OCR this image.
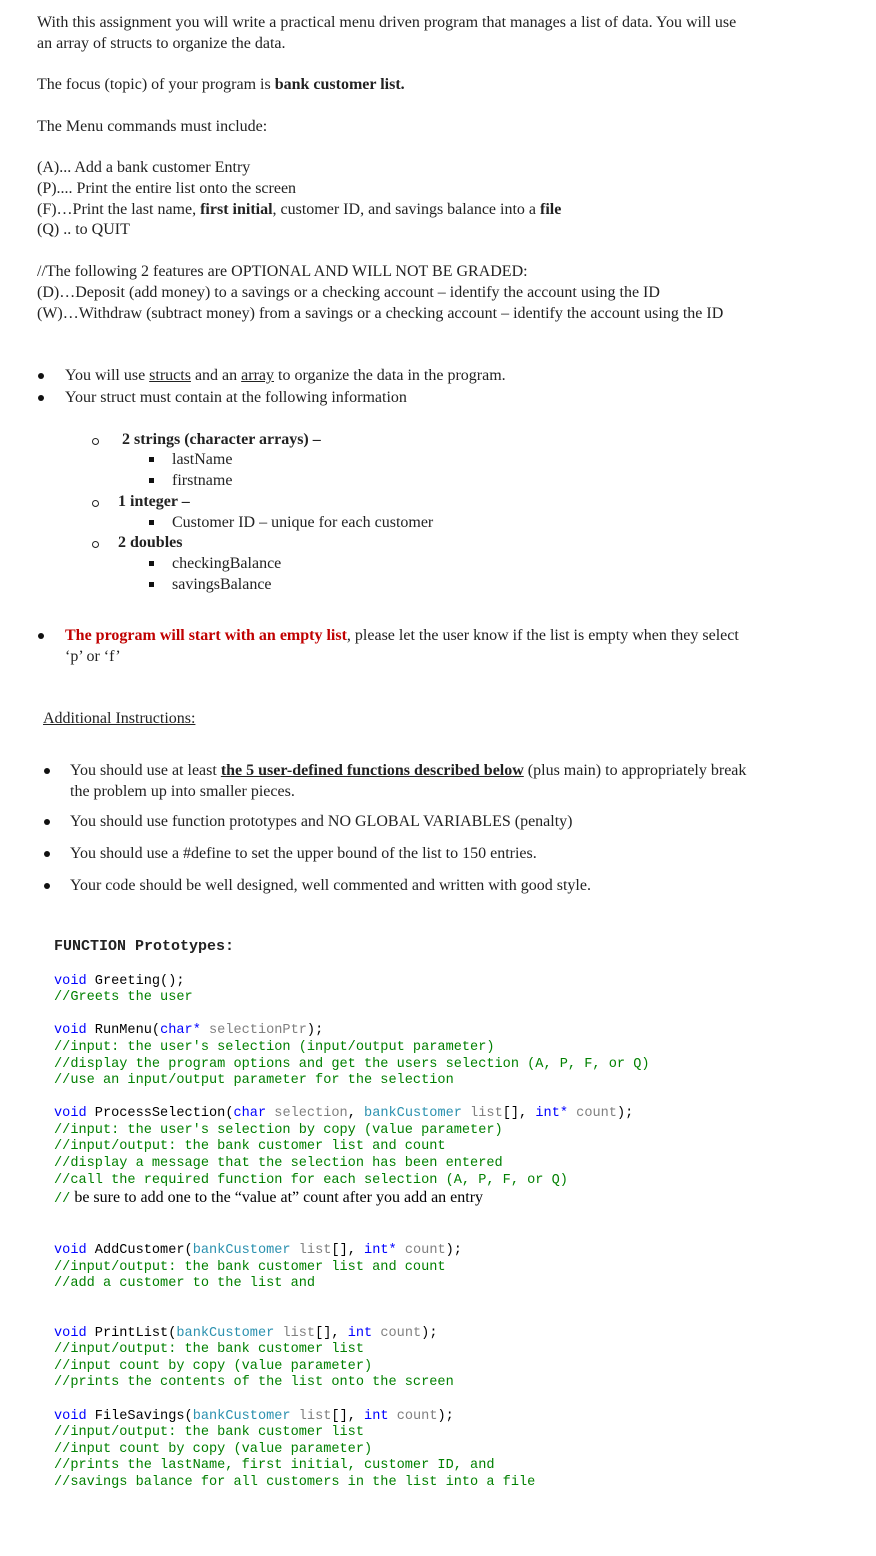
With this assignment you will write a practical menu driven program that manages a list of data. You will use
an array of structs to organize the data.
The focus (topic) of your program is bank customer list.
The Menu commands must include:
(A)... Add a bank customer Entry
(P).... Print the entire list onto the screen
(F)…Print the last name, first initial, customer ID, and savings balance into a file
(Q) .. to QUIT
//The following 2 features are OPTIONAL AND WILL NOT BE GRADED:
(D)…Deposit (add money) to a savings or a checking account – identify the account using the ID
(W)…Withdraw (subtract money) from a savings or a checking account – identify the account using the ID
You will use structs and an array to organize the data in the program.
Your struct must contain at the following information
2 strings (character arrays) –
lastName
firstname
1 integer –
Customer ID – unique for each customer
2 doubles
checkingBalance
savingsBalance
The program will start with an empty list, please let the user know if the list is empty when they select
‘p’ or ‘f’
Additional Instructions:
You should use at least the 5 user-defined functions described below (plus main) to appropriately break
the problem up into smaller pieces.
You should use function prototypes and NO GLOBAL VARIABLES (penalty)
You should use a #define to set the upper bound of the list to 150 entries.
Your code should be well designed, well commented and written with good style.
FUNCTION Prototypes:
void Greeting();
//Greets the user
void RunMenu(char* selectionPtr);
//input: the user's selection (input/output parameter)
//display the program options and get the users selection (A, P, F, or Q)
//use an input/output parameter for the selection
void ProcessSelection(char selection, bankCustomer list[], int* count);
//input: the user's selection by copy (value parameter)
//input/output: the bank customer list and count
//display a message that the selection has been entered
//call the required function for each selection (A, P, F, or Q)
// be sure to add one to the “value at” count after you add an entry
void AddCustomer(bankCustomer list[], int* count);
//input/output: the bank customer list and count
//add a customer to the list and
void PrintList(bankCustomer list[], int count);
//input/output: the bank customer list
//input count by copy (value parameter)
//prints the contents of the list onto the screen
void FileSavings(bankCustomer list[], int count);
//input/output: the bank customer list
//input count by copy (value parameter)
//prints the lastName, first initial, customer ID, and
//savings balance for all customers in the list into a file
